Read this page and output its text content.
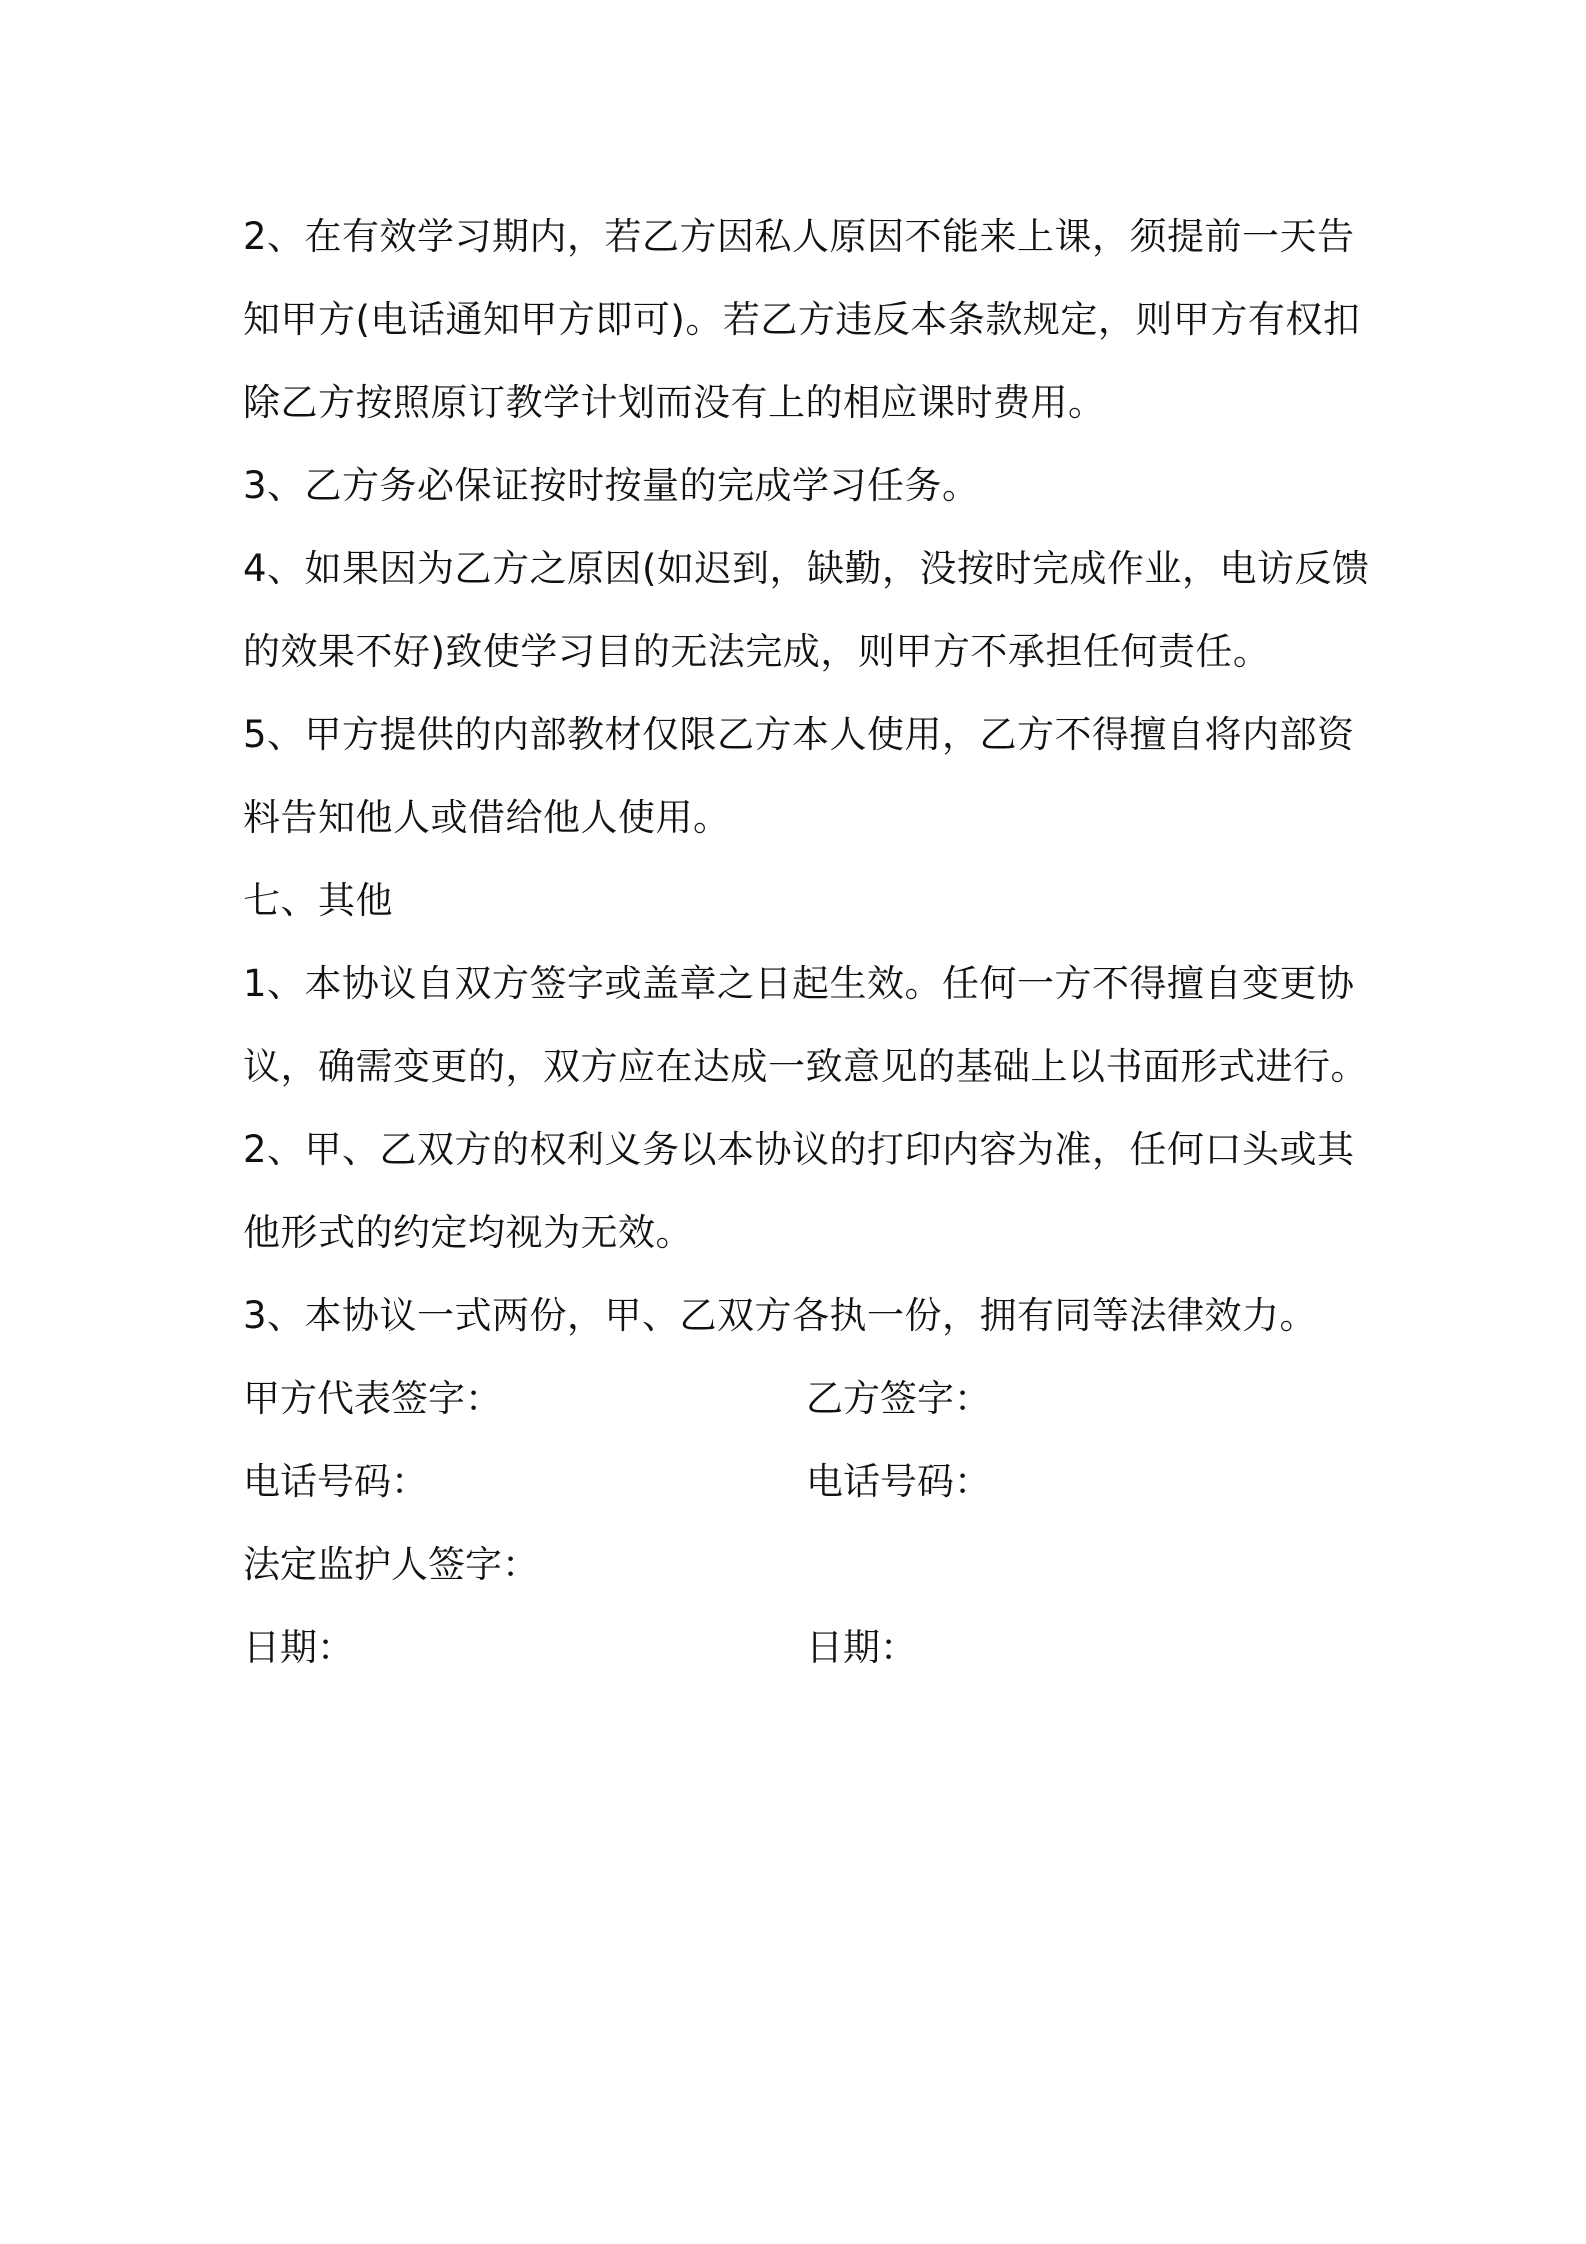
2、在有效学习期内，若乙方因私人原因不能来上课，须提前一天告
知甲方(电话通知甲方即可)。若乙方违反本条款规定，则甲方有权扣
除乙方按照原订教学计划而没有上的相应课时费用。
3、乙方务必保证按时按量的完成学习任务。
4、如果因为乙方之原因(如迟到，缺勤，没按时完成作业，电访反馈
的效果不好)致使学习目的无法完成，则甲方不承担任何责任。
5、甲方提供的内部教材仅限乙方本人使用，乙方不得擅自将内部资
料告知他人或借给他人使用。
七、其他
1、本协议自双方签字或盖章之日起生效。任何一方不得擅自变更协
议，确需变更的，双方应在达成一致意见的基础上以书面形式进行。
2、甲、乙双方的权利义务以本协议的打印内容为准，任何口头或其
他形式的约定均视为无效。
3、本协议一式两份，甲、乙双方各执一份，拥有同等法律效力。
甲方代表签字：	乙方签字：
电话号码：	电话号码：
法定监护人签字：
日期：	日期：
